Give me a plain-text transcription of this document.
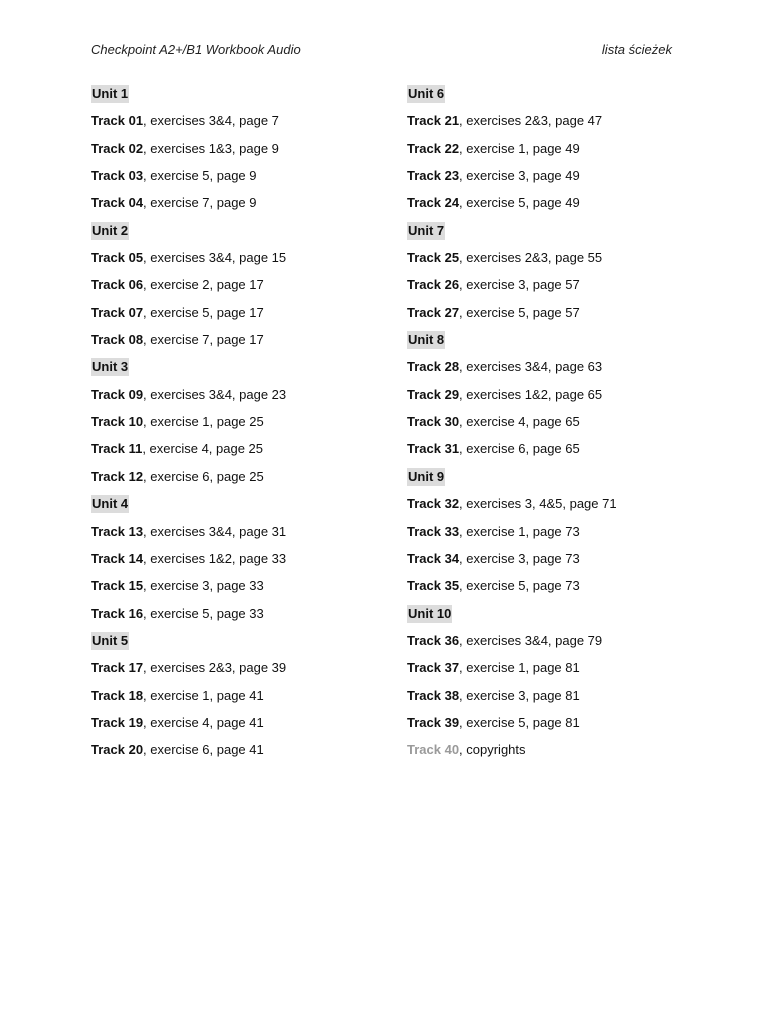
Checkpoint A2+/B1 Workbook Audio	lista ścieżek
Unit 1
Track 01, exercises 3&4, page 7
Track 02, exercises 1&3, page 9
Track 03, exercise 5, page 9
Track 04, exercise 7, page 9
Unit 2
Track 05, exercises 3&4, page 15
Track 06, exercise 2, page 17
Track 07, exercise 5, page 17
Track 08, exercise 7, page 17
Unit 3
Track 09, exercises 3&4, page 23
Track 10, exercise 1, page 25
Track 11, exercise 4, page 25
Track 12, exercise 6, page 25
Unit 4
Track 13, exercises 3&4, page 31
Track 14, exercises 1&2, page 33
Track 15, exercise 3, page 33
Track 16, exercise 5, page 33
Unit 5
Track 17, exercises 2&3, page 39
Track 18, exercise 1, page 41
Track 19, exercise 4, page 41
Track 20, exercise 6, page 41
Unit 6
Track 21, exercises 2&3, page 47
Track 22, exercise 1, page 49
Track 23, exercise 3, page 49
Track 24, exercise 5, page 49
Unit 7
Track 25, exercises 2&3, page 55
Track 26, exercise 3, page 57
Track 27, exercise 5, page 57
Unit 8
Track 28, exercises 3&4, page 63
Track 29, exercises 1&2, page 65
Track 30, exercise 4, page 65
Track 31, exercise 6, page 65
Unit 9
Track 32, exercises 3, 4&5, page 71
Track 33, exercise 1, page 73
Track 34, exercise 3, page 73
Track 35, exercise 5, page 73
Unit 10
Track 36, exercises 3&4, page 79
Track 37, exercise 1, page 81
Track 38, exercise 3, page 81
Track 39, exercise 5, page 81
Track 40, copyrights
